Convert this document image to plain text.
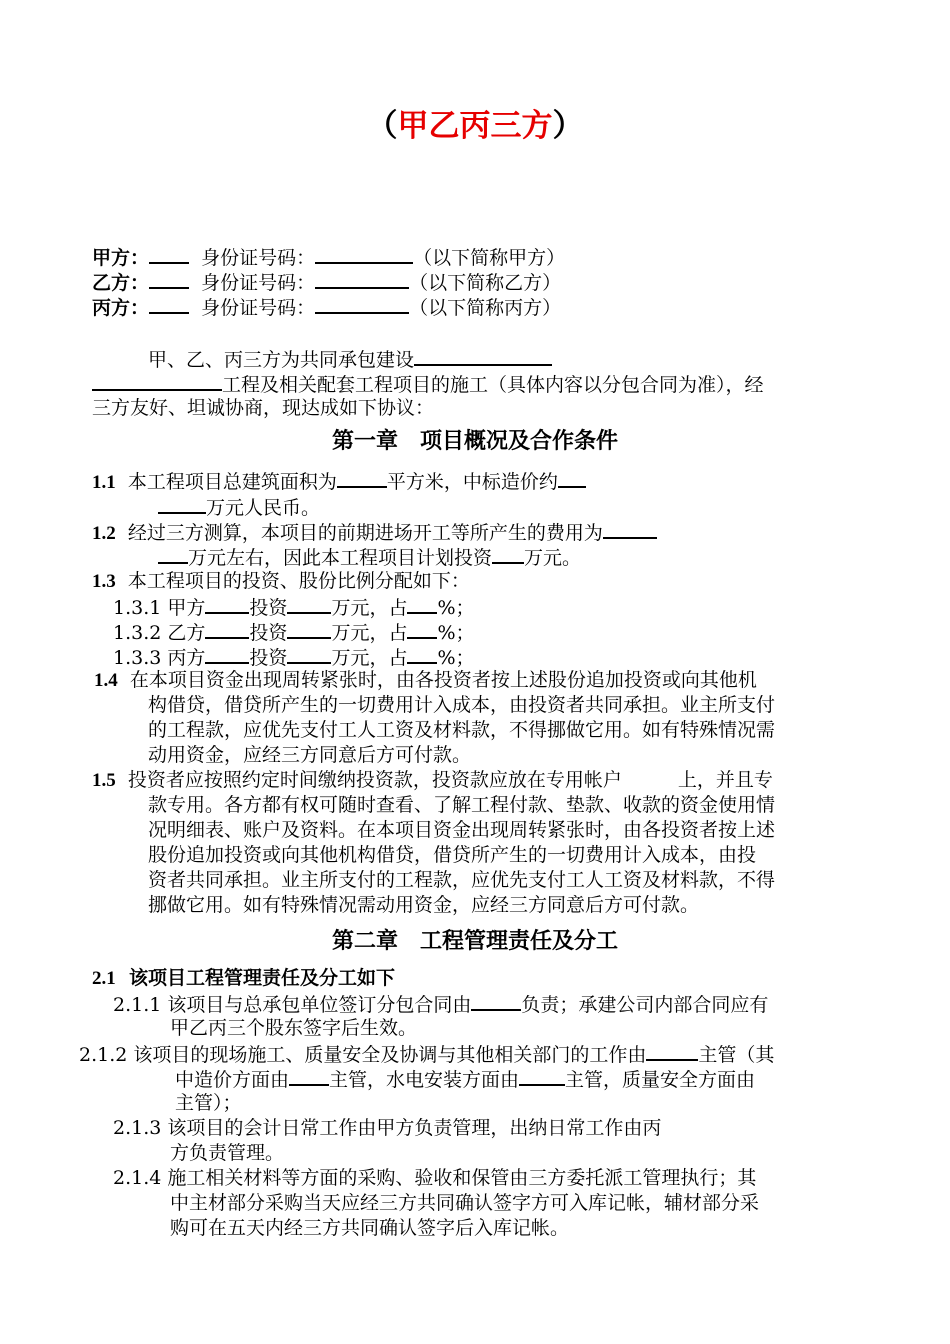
（甲乙丙三方）
甲方：	身份证号码：	（以下简称甲方）
乙方：	身份证号码：	（以下简称乙方）
丙方：	身份证号码：	（以下简称丙方）
甲、乙、丙三方为共同承包建设
工程及相关配套工程项目的施工（具体内容以分包合同为准），经
三方友好、坦诚协商，现达成如下协议：
第一章　项目概况及合作条件
1.1 本工程项目总建筑面积为	平方米，中标造价约
万元人民币。
1.2 经过三方测算，本项目的前期进场开工等所产生的费用为
万元左右，因此本工程项目计划投资 万元。
1.3 本工程项目的投资、股份比例分配如下：
1.3.1 甲方 投资 万元，占 %；
1.3.2 乙方 投资 万元，占 %；
1.3.3 丙方 投资 万元，占 %；
1.4 在本项目资金出现周转紧张时，由各投资者按上述股份追加投资或向其他机
构借贷，借贷所产生的一切费用计入成本，由投资者共同承担。业主所支付
的工程款，应优先支付工人工资及材料款，不得挪做它用。如有特殊情况需
动用资金，应经三方同意后方可付款。
1.5 投资者应按照约定时间缴纳投资款，投资款应放在专用帐户	上，并且专
款专用。各方都有权可随时查看、了解工程付款、垫款、收款的资金使用情
况明细表、账户及资料。在本项目资金出现周转紧张时，由各投资者按上述
股份追加投资或向其他机构借贷，借贷所产生的一切费用计入成本，由投
资者共同承担。业主所支付的工程款，应优先支付工人工资及材料款，不得
挪做它用。如有特殊情况需动用资金，应经三方同意后方可付款。
第二章　工程管理责任及分工
2.1 该项目工程管理责任及分工如下
2.1.1 该项目与总承包单位签订分包合同由	负责；承建公司内部合同应有
甲乙丙三个股东签字后生效。
2.1.2 该项目的现场施工、质量安全及协调与其他相关部门的工作由	主管（其
中造价方面由 主管，水电安装方面由 主管，质量安全方面由
主管）；
2.1.3 该项目的会计日常工作由甲方负责管理，出纳日常工作由丙
方负责管理。
2.1.4 施工相关材料等方面的采购、验收和保管由三方委托派工管理执行；其
中主材部分采购当天应经三方共同确认签字方可入库记帐，辅材部分采
购可在五天内经三方共同确认签字后入库记帐。
